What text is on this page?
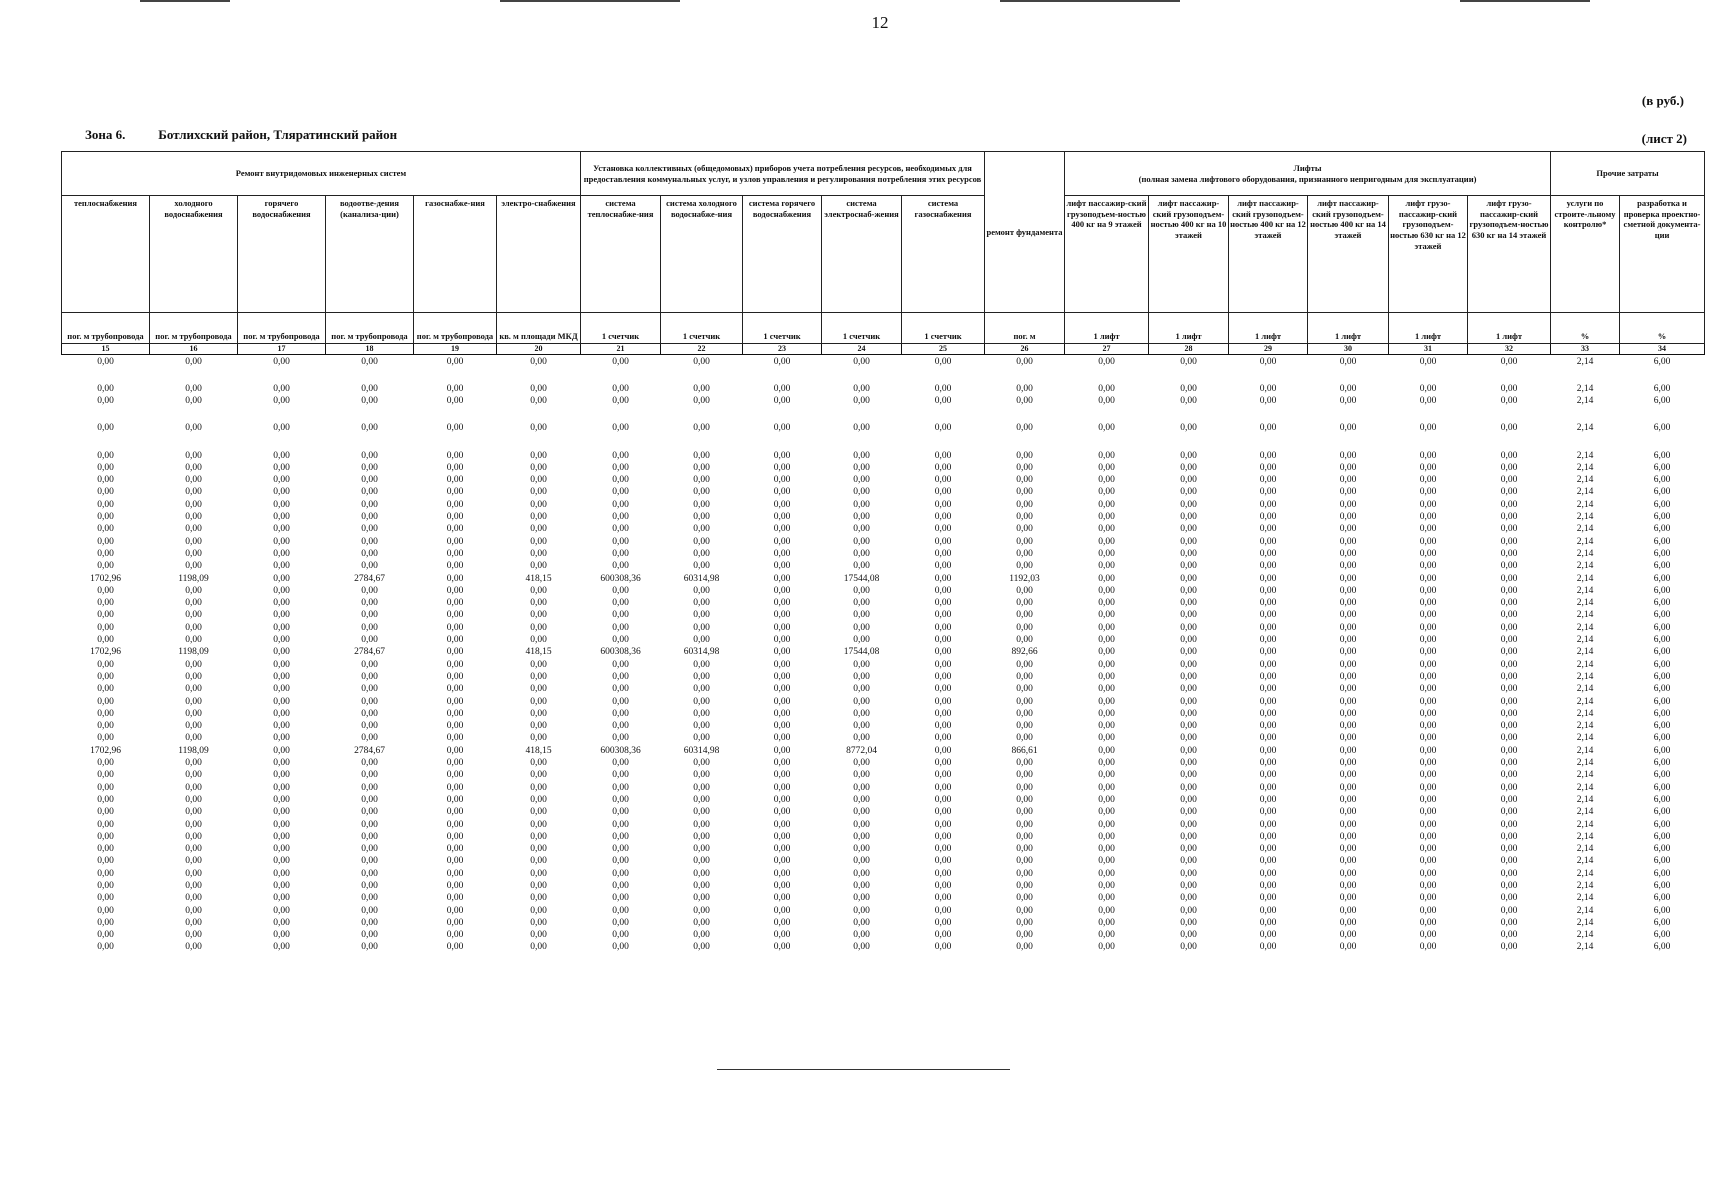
12
(в руб.)
Зона 6.	Ботлихский район, Тляратинский район	(лист 2)
Ремонт внутридомовых инженерных систем						Установка коллективных (общедомовых) приборов учета потребления ресурсов, необходимых для предоставления коммунальных услуг, и узлов управления и регулирования потребления этих ресурсов					ремонт фундамента	Лифты
(полная замена лифтового оборудования, признанного непригодным для эксплуатации)						Прочие затраты	
теплоснабжения	холодного водоснабжения	горячего водоснабжения	водоотве-дения (канализа-ции)	газоснабже-ния	электро-снабжения	система теплоснабже-ния	система холодного водоснабже-ния	система горячего водоснабжения	система электроснаб-жения	система газоснабжения		лифт пассажир-ский грузоподъем-ностью 400 кг на 9 этажей	лифт пассажир-ский грузоподъем-ностью 400 кг на 10 этажей	лифт пассажир-ский грузоподъем-ностью 400 кг на 12 этажей	лифт пассажир-ский грузоподъем-ностью 400 кг на 14 этажей	лифт грузо-пассажир-ский грузоподъем-ностью 630 кг на 12 этажей	лифт грузо-пассажир-ский грузоподъем-ностью 630 кг на 14 этажей	услуги по строите-льному контролю*	разработка и проверка проектно-сметной документа-ции
пог. м трубопровода	пог. м трубопровода	пог. м трубопровода	пог. м трубопровода	пог. м трубопровода	кв. м площади МКД	1 счетчик	1 счетчик	1 счетчик	1 счетчик	1 счетчик	пог. м	1 лифт	1 лифт	1 лифт	1 лифт	1 лифт	1 лифт	%	%
15	16	17	18	19	20	21	22	23	24	25	26	27	28	29	30	31	32	33	34
0,00	0,00	0,00	0,00	0,00	0,00	0,00	0,00	0,00	0,00	0,00	0,00	0,00	0,00	0,00	0,00	0,00	0,00	2,14	6,00

0,00	0,00	0,00	0,00	0,00	0,00	0,00	0,00	0,00	0,00	0,00	0,00	0,00	0,00	0,00	0,00	0,00	0,00	2,14	6,00
0,00	0,00	0,00	0,00	0,00	0,00	0,00	0,00	0,00	0,00	0,00	0,00	0,00	0,00	0,00	0,00	0,00	0,00	2,14	6,00

0,00	0,00	0,00	0,00	0,00	0,00	0,00	0,00	0,00	0,00	0,00	0,00	0,00	0,00	0,00	0,00	0,00	0,00	2,14	6,00

0,00	0,00	0,00	0,00	0,00	0,00	0,00	0,00	0,00	0,00	0,00	0,00	0,00	0,00	0,00	0,00	0,00	0,00	2,14	6,00
0,00	0,00	0,00	0,00	0,00	0,00	0,00	0,00	0,00	0,00	0,00	0,00	0,00	0,00	0,00	0,00	0,00	0,00	2,14	6,00
0,00	0,00	0,00	0,00	0,00	0,00	0,00	0,00	0,00	0,00	0,00	0,00	0,00	0,00	0,00	0,00	0,00	0,00	2,14	6,00
0,00	0,00	0,00	0,00	0,00	0,00	0,00	0,00	0,00	0,00	0,00	0,00	0,00	0,00	0,00	0,00	0,00	0,00	2,14	6,00
0,00	0,00	0,00	0,00	0,00	0,00	0,00	0,00	0,00	0,00	0,00	0,00	0,00	0,00	0,00	0,00	0,00	0,00	2,14	6,00
0,00	0,00	0,00	0,00	0,00	0,00	0,00	0,00	0,00	0,00	0,00	0,00	0,00	0,00	0,00	0,00	0,00	0,00	2,14	6,00
0,00	0,00	0,00	0,00	0,00	0,00	0,00	0,00	0,00	0,00	0,00	0,00	0,00	0,00	0,00	0,00	0,00	0,00	2,14	6,00
0,00	0,00	0,00	0,00	0,00	0,00	0,00	0,00	0,00	0,00	0,00	0,00	0,00	0,00	0,00	0,00	0,00	0,00	2,14	6,00
0,00	0,00	0,00	0,00	0,00	0,00	0,00	0,00	0,00	0,00	0,00	0,00	0,00	0,00	0,00	0,00	0,00	0,00	2,14	6,00
0,00	0,00	0,00	0,00	0,00	0,00	0,00	0,00	0,00	0,00	0,00	0,00	0,00	0,00	0,00	0,00	0,00	0,00	2,14	6,00
1702,96	1198,09	0,00	2784,67	0,00	418,15	600308,36	60314,98	0,00	17544,08	0,00	1192,03	0,00	0,00	0,00	0,00	0,00	0,00	2,14	6,00
0,00	0,00	0,00	0,00	0,00	0,00	0,00	0,00	0,00	0,00	0,00	0,00	0,00	0,00	0,00	0,00	0,00	0,00	2,14	6,00
0,00	0,00	0,00	0,00	0,00	0,00	0,00	0,00	0,00	0,00	0,00	0,00	0,00	0,00	0,00	0,00	0,00	0,00	2,14	6,00
0,00	0,00	0,00	0,00	0,00	0,00	0,00	0,00	0,00	0,00	0,00	0,00	0,00	0,00	0,00	0,00	0,00	0,00	2,14	6,00
0,00	0,00	0,00	0,00	0,00	0,00	0,00	0,00	0,00	0,00	0,00	0,00	0,00	0,00	0,00	0,00	0,00	0,00	2,14	6,00
0,00	0,00	0,00	0,00	0,00	0,00	0,00	0,00	0,00	0,00	0,00	0,00	0,00	0,00	0,00	0,00	0,00	0,00	2,14	6,00
1702,96	1198,09	0,00	2784,67	0,00	418,15	600308,36	60314,98	0,00	17544,08	0,00	892,66	0,00	0,00	0,00	0,00	0,00	0,00	2,14	6,00
0,00	0,00	0,00	0,00	0,00	0,00	0,00	0,00	0,00	0,00	0,00	0,00	0,00	0,00	0,00	0,00	0,00	0,00	2,14	6,00
0,00	0,00	0,00	0,00	0,00	0,00	0,00	0,00	0,00	0,00	0,00	0,00	0,00	0,00	0,00	0,00	0,00	0,00	2,14	6,00
0,00	0,00	0,00	0,00	0,00	0,00	0,00	0,00	0,00	0,00	0,00	0,00	0,00	0,00	0,00	0,00	0,00	0,00	2,14	6,00
0,00	0,00	0,00	0,00	0,00	0,00	0,00	0,00	0,00	0,00	0,00	0,00	0,00	0,00	0,00	0,00	0,00	0,00	2,14	6,00
0,00	0,00	0,00	0,00	0,00	0,00	0,00	0,00	0,00	0,00	0,00	0,00	0,00	0,00	0,00	0,00	0,00	0,00	2,14	6,00
0,00	0,00	0,00	0,00	0,00	0,00	0,00	0,00	0,00	0,00	0,00	0,00	0,00	0,00	0,00	0,00	0,00	0,00	2,14	6,00
0,00	0,00	0,00	0,00	0,00	0,00	0,00	0,00	0,00	0,00	0,00	0,00	0,00	0,00	0,00	0,00	0,00	0,00	2,14	6,00
1702,96	1198,09	0,00	2784,67	0,00	418,15	600308,36	60314,98	0,00	8772,04	0,00	866,61	0,00	0,00	0,00	0,00	0,00	0,00	2,14	6,00
0,00	0,00	0,00	0,00	0,00	0,00	0,00	0,00	0,00	0,00	0,00	0,00	0,00	0,00	0,00	0,00	0,00	0,00	2,14	6,00
0,00	0,00	0,00	0,00	0,00	0,00	0,00	0,00	0,00	0,00	0,00	0,00	0,00	0,00	0,00	0,00	0,00	0,00	2,14	6,00
0,00	0,00	0,00	0,00	0,00	0,00	0,00	0,00	0,00	0,00	0,00	0,00	0,00	0,00	0,00	0,00	0,00	0,00	2,14	6,00
0,00	0,00	0,00	0,00	0,00	0,00	0,00	0,00	0,00	0,00	0,00	0,00	0,00	0,00	0,00	0,00	0,00	0,00	2,14	6,00
0,00	0,00	0,00	0,00	0,00	0,00	0,00	0,00	0,00	0,00	0,00	0,00	0,00	0,00	0,00	0,00	0,00	0,00	2,14	6,00
0,00	0,00	0,00	0,00	0,00	0,00	0,00	0,00	0,00	0,00	0,00	0,00	0,00	0,00	0,00	0,00	0,00	0,00	2,14	6,00
0,00	0,00	0,00	0,00	0,00	0,00	0,00	0,00	0,00	0,00	0,00	0,00	0,00	0,00	0,00	0,00	0,00	0,00	2,14	6,00
0,00	0,00	0,00	0,00	0,00	0,00	0,00	0,00	0,00	0,00	0,00	0,00	0,00	0,00	0,00	0,00	0,00	0,00	2,14	6,00
0,00	0,00	0,00	0,00	0,00	0,00	0,00	0,00	0,00	0,00	0,00	0,00	0,00	0,00	0,00	0,00	0,00	0,00	2,14	6,00
0,00	0,00	0,00	0,00	0,00	0,00	0,00	0,00	0,00	0,00	0,00	0,00	0,00	0,00	0,00	0,00	0,00	0,00	2,14	6,00
0,00	0,00	0,00	0,00	0,00	0,00	0,00	0,00	0,00	0,00	0,00	0,00	0,00	0,00	0,00	0,00	0,00	0,00	2,14	6,00
0,00	0,00	0,00	0,00	0,00	0,00	0,00	0,00	0,00	0,00	0,00	0,00	0,00	0,00	0,00	0,00	0,00	0,00	2,14	6,00
0,00	0,00	0,00	0,00	0,00	0,00	0,00	0,00	0,00	0,00	0,00	0,00	0,00	0,00	0,00	0,00	0,00	0,00	2,14	6,00
0,00	0,00	0,00	0,00	0,00	0,00	0,00	0,00	0,00	0,00	0,00	0,00	0,00	0,00	0,00	0,00	0,00	0,00	2,14	6,00
0,00	0,00	0,00	0,00	0,00	0,00	0,00	0,00	0,00	0,00	0,00	0,00	0,00	0,00	0,00	0,00	0,00	0,00	2,14	6,00
0,00	0,00	0,00	0,00	0,00	0,00	0,00	0,00	0,00	0,00	0,00	0,00	0,00	0,00	0,00	0,00	0,00	0,00	2,14	6,00
